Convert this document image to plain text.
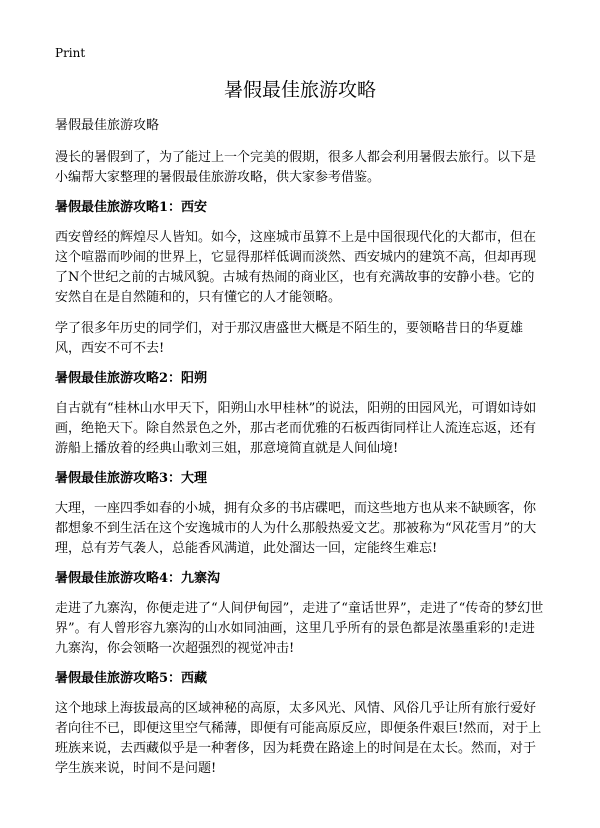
Print
暑假最佳旅游攻略
暑假最佳旅游攻略

漫长的暑假到了，为了能过上一个完美的假期，很多人都会利用暑假去旅行。以下是小编帮大家整理的暑假最佳旅游攻略，供大家参考借鉴。

暑假最佳旅游攻略1：西安

西安曾经的辉煌尽人皆知。如今，这座城市虽算不上是中国很现代化的大都市，但在这个喧嚣而吵闹的世界上，它显得那样低调而淡然、西安城内的建筑不高，但却再现了N个世纪之前的古城风貌。古城有热闹的商业区，也有充满故事的安静小巷。它的安然自在是自然随和的，只有懂它的人才能领略。

学了很多年历史的同学们，对于那汉唐盛世大概是不陌生的，要领略昔日的华夏雄风，西安不可不去!

暑假最佳旅游攻略2：阳朔

自古就有“桂林山水甲天下，阳朔山水甲桂林”的说法，阳朔的田园风光，可谓如诗如画，绝艳天下。除自然景色之外，那古老而优雅的石板西街同样让人流连忘返，还有游船上播放着的经典山歌刘三姐，那意境简直就是人间仙境!

暑假最佳旅游攻略3：大理

大理，一座四季如春的小城，拥有众多的书店碟吧，而这些地方也从来不缺顾客，你都想象不到生活在这个安逸城市的人为什么那般热爱文艺。那被称为“风花雪月”的大理，总有芳气袭人，总能香风满道，此处溜达一回，定能终生难忘!

暑假最佳旅游攻略4：九寨沟

走进了九寨沟，你便走进了“人间伊甸园”，走进了“童话世界”，走进了“传奇的梦幻世界”。有人曾形容九寨沟的山水如同油画，这里几乎所有的景色都是浓墨重彩的!走进九寨沟，你会领略一次超强烈的视觉冲击!

暑假最佳旅游攻略5：西藏

这个地球上海拔最高的区域神秘的高原，太多风光、风情、风俗几乎让所有旅行爱好者向往不已，即便这里空气稀薄，即便有可能高原反应，即便条件艰巨!然而，对于上班族来说，去西藏似乎是一种奢侈，因为耗费在路途上的时间是在太长。然而，对于学生族来说，时间不是问题!
